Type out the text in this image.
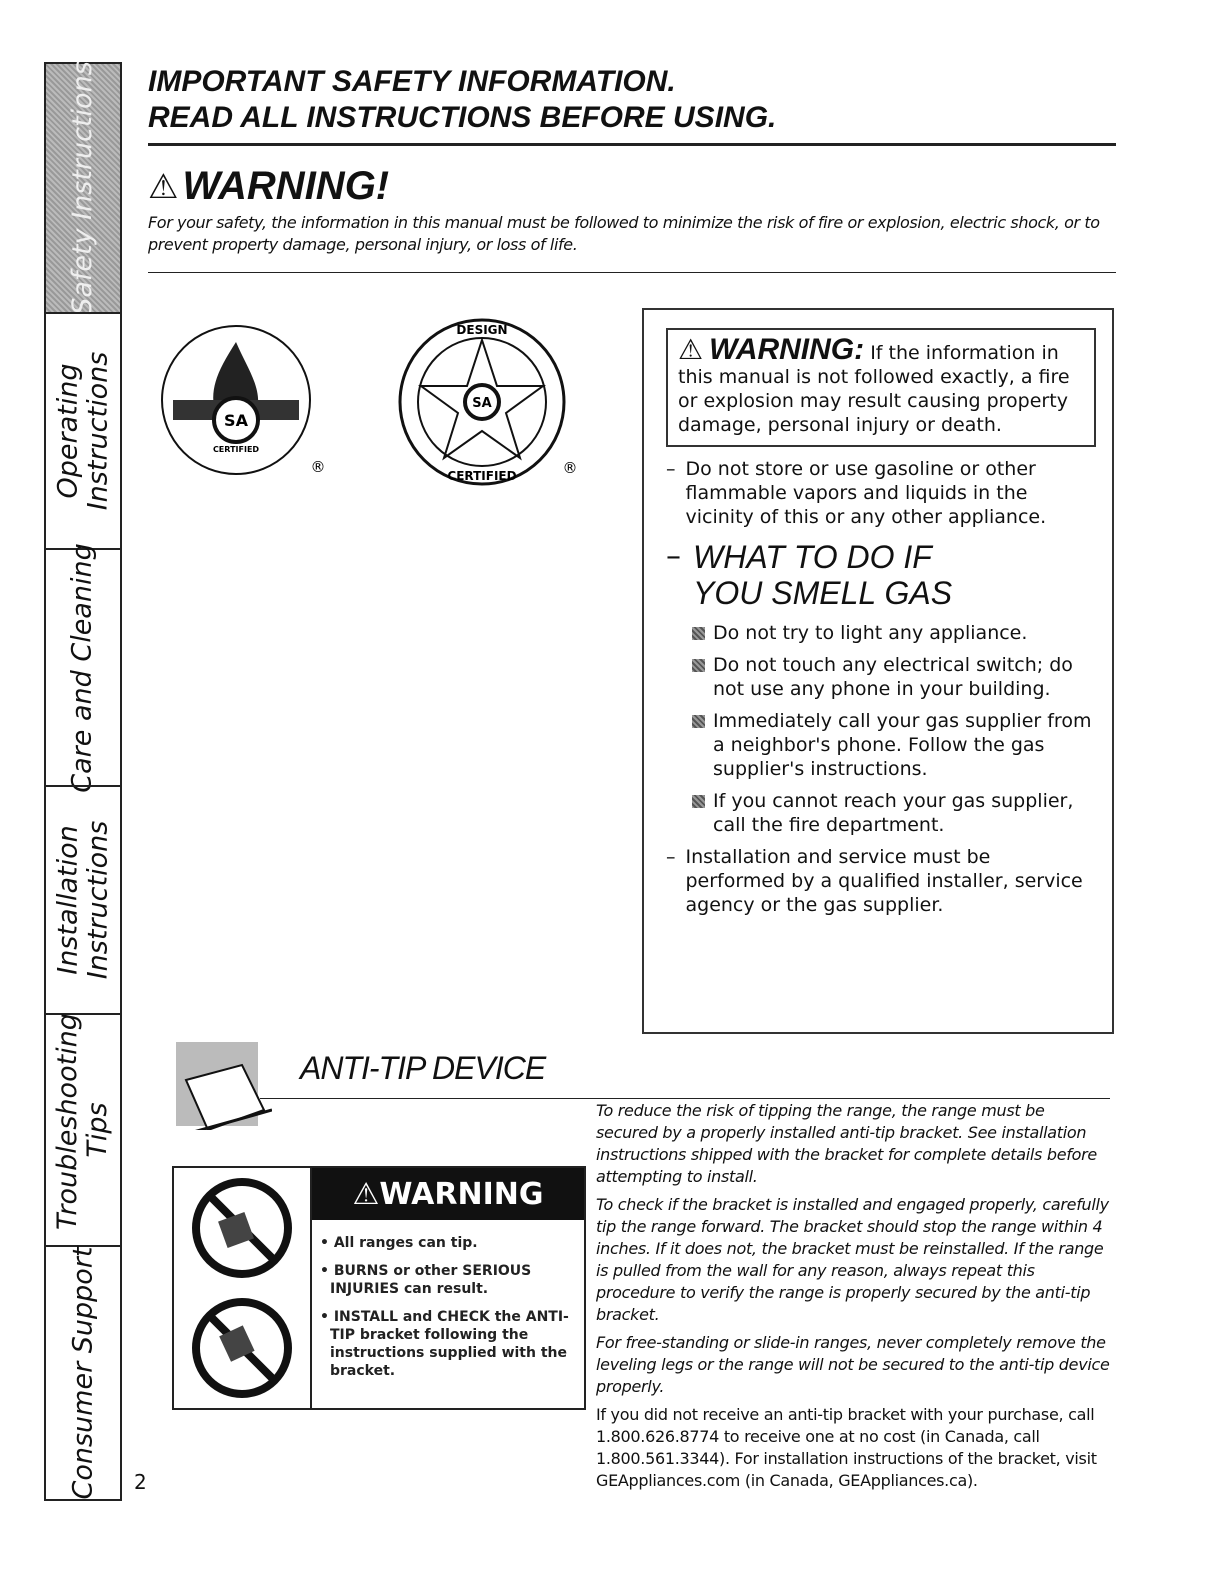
Safety Instructions
Operating Instructions
Care and Cleaning
Installation Instructions
Troubleshooting Tips
Consumer Support 2
IMPORTANT SAFETY INFORMATION.
READ ALL INSTRUCTIONS BEFORE USING.
⚠ WARNING!
For your safety, the information in this manual must be followed to minimize the risk of fire or explosion, electric shock, or to prevent property damage, personal injury, or loss of life.
SA
CERTIFIED
®
SA
DESIGN
CERTIFIED	®
⚠ WARNING: If the information in this manual is not followed exactly, a fire or explosion may result causing property damage, personal injury or death.
– Do not store or use gasoline or other flammable vapors and liquids in the vicinity of this or any other appliance.
– WHAT TO DO IF YOU SMELL GAS

Do not try to light any appliance.

Do not touch any electrical switch; do not use any phone in your building.

Immediately call your gas supplier from a neighbor's phone. Follow the gas supplier's instructions.

If you cannot reach your gas supplier, call the fire department.

– Installation and service must be performed by a qualified installer, service agency or the gas supplier.
ANTI-TIP DEVICE
⚠ WARNING

• All ranges can tip.

• BURNS or other SERIOUS INJURIES can result.

• INSTALL and CHECK the ANTI-TIP bracket following the instructions supplied with the bracket.

To reduce the risk of tipping the range, the range must be secured by a properly installed anti-tip bracket. See installation instructions shipped with the bracket for complete details before attempting to install.

To check if the bracket is installed and engaged properly, carefully tip the range forward. The bracket should stop the range within 4 inches. If it does not, the bracket must be reinstalled. If the range is pulled from the wall for any reason, always repeat this procedure to verify the range is properly secured by the anti-tip bracket.

For free-standing or slide-in ranges, never completely remove the leveling legs or the range will not be secured to the anti-tip device properly.

If you did not receive an anti-tip bracket with your purchase, call 1.800.626.8774 to receive one at no cost (in Canada, call 1.800.561.3344). For installation instructions of the bracket, visit GEAppliances.com (in Canada, GEAppliances.ca).
